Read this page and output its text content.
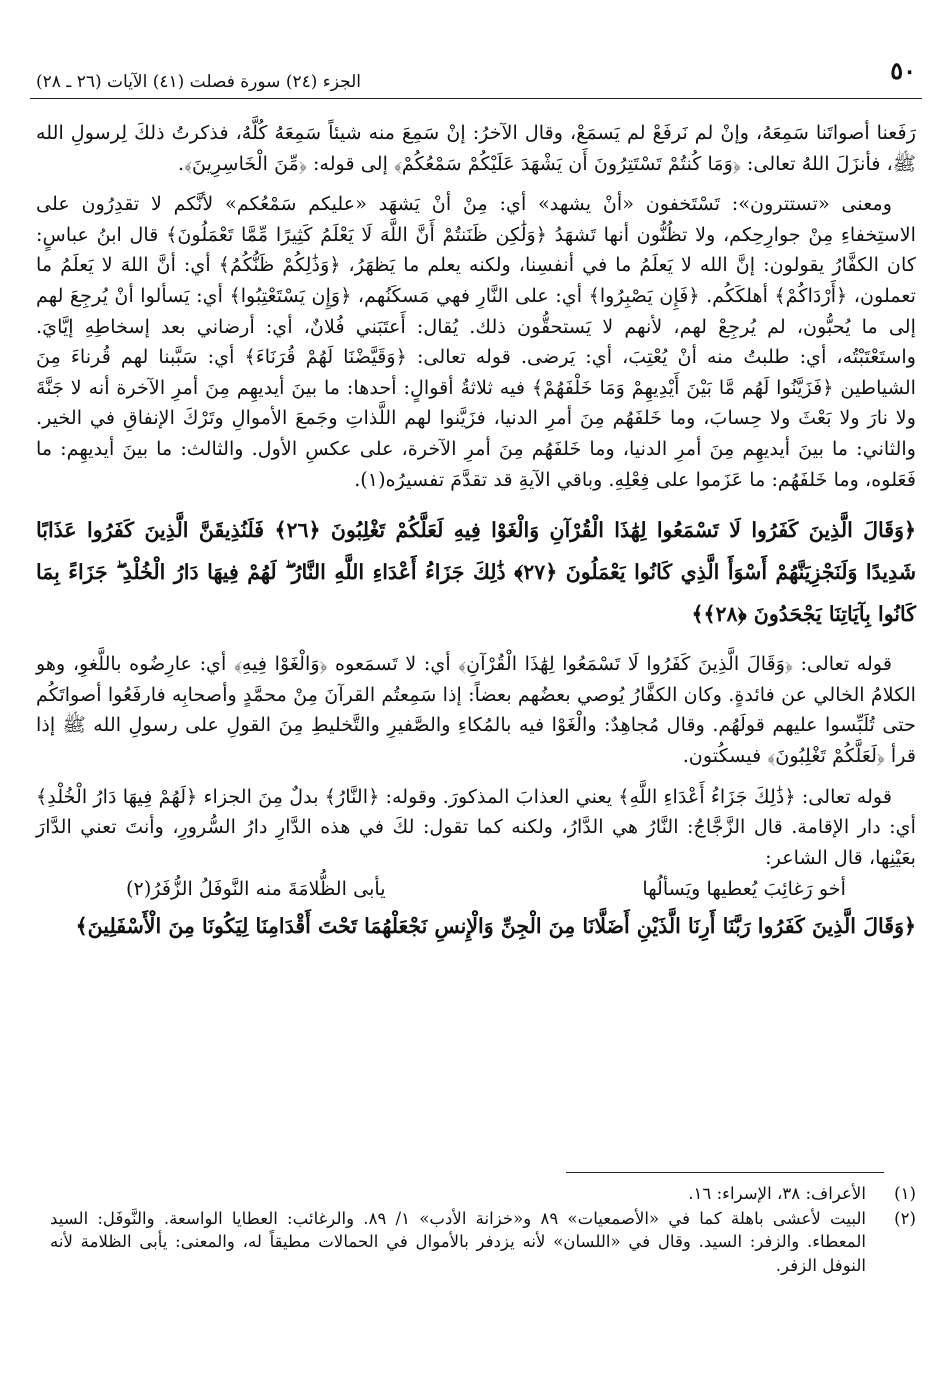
٥٠
الجزء (٢٤) سورة فصلت (٤١) الآيات (٢٦ ـ ٢٨)

رَفَعنا أصواتَنا سَمِعَهُ، وإنْ لم نَرفَعْ لم يَسمَعْ، وقال الآخرُ: إنْ سَمِعَ منه شيئاً سَمِعَهُ كُلَّهُ، فذكرتُ ذلكَ لِرسولِ الله ﷺ، فأنزَلَ اللهُ تعالى: ﴿وَمَا كُنتُمْ تَسْتَتِرُونَ أَن يَشْهَدَ عَلَيْكُمْ سَمْعُكُمْ﴾ إلى قوله: ﴿مِّنَ الْخَاسِرِينَ﴾.

ومعنى «تستترون»: تَسْتَخفون «أنْ يشهد» أي: مِنْ أنْ يَشهَد «عليكم سَمْعُكم» لأنَّكم لا تقدِرُون على الاستِخفاءِ مِنْ جوارِحِكم، ولا تظُنُّون أنها تَشهَدُ ﴿وَلَٰكِن ظَنَنتُمْ أَنَّ اللَّهَ لَا يَعْلَمُ كَثِيرًا مِّمَّا تَعْمَلُونَ﴾ قال ابنُ عباسٍ: كان الكفَّارُ يقولون: إنَّ الله لا يَعلَمُ ما في أنفسِنا، ولكنه يعلم ما يَظهَرُ، ﴿وَذَٰلِكُمْ ظَنُّكُمُ﴾ أي: أنَّ اللهَ لا يَعلَمُ ما تعملون، ﴿أَرْدَاكُمْ﴾ أهلكَكُم. ﴿فَإِن يَصْبِرُوا﴾ أي: على النَّارِ فهي مَسكَنُهم، ﴿وَإِن يَسْتَعْتِبُوا﴾ أي: يَسألوا أنْ يُرجِعَ لهم إلى ما يُحبُّون، لم يُرجِعْ لهم، لأنهم لا يَستحقُّون ذلك. يُقال: أَعتَبَني فُلانٌ، أي: أرضاني بعد إسخاطِهِ إيَّايَ. واستَعْتَبْتُه، أي: طلبتُ منه أنْ يُعْتِبَ، أي: يَرضى. قوله تعالى: ﴿وَقَيَّضْنَا لَهُمْ قُرَنَاءَ﴾ أي: سَبَّبنا لهم قُرناءَ مِنَ الشياطين ﴿فَزَيَّنُوا لَهُم مَّا بَيْنَ أَيْدِيهِمْ وَمَا خَلْفَهُمْ﴾ فيه ثلاثةُ أقوالٍ: أحدها: ما بينَ أيديهِم مِنَ أمرِ الآخرة أنه لا جَنَّةَ ولا نارَ ولا بَعْثَ ولا حِسابَ، وما خَلفَهُم مِنَ أمرِ الدنيا، فزَيَّنوا لهم اللَّذاتِ وجَمعَ الأموالِ وتَرْكَ الإنفاقِ في الخير. والثاني: ما بينَ أيديهِم مِنَ أمرِ الدنيا، وما خَلفَهُم مِنَ أمرِ الآخرة، على عكسِ الأول. والثالث: ما بينَ أيديهِم: ما فَعَلوه، وما خَلفَهُم: ما عَزَموا على فِعْلِهِ. وباقي الآيةِ قد تقدَّمَ تفسيرُه(١).

﴿وَقَالَ الَّذِينَ كَفَرُوا لَا تَسْمَعُوا لِهَٰذَا الْقُرْآنِ وَالْغَوْا فِيهِ لَعَلَّكُمْ تَغْلِبُونَ ﴿٢٦﴾ فَلَنُذِيقَنَّ الَّذِينَ كَفَرُوا عَذَابًا شَدِيدًا وَلَنَجْزِيَنَّهُمْ أَسْوَأَ الَّذِي كَانُوا يَعْمَلُونَ ﴿٢٧﴾ ذَٰلِكَ جَزَاءُ أَعْدَاءِ اللَّهِ النَّارُ ۖ لَهُمْ فِيهَا دَارُ الْخُلْدِ ۖ جَزَاءً بِمَا كَانُوا بِآيَاتِنَا يَجْحَدُونَ ﴿٢٨﴾﴾

قوله تعالى: ﴿وَقَالَ الَّذِينَ كَفَرُوا لَا تَسْمَعُوا لِهَٰذَا الْقُرْآنِ﴾ أي: لا تَسمَعوه ﴿وَالْغَوْا فِيهِ﴾ أي: عارِضُوه باللَّغوِ، وهو الكلامُ الخالي عن فائدةٍ. وكان الكفَّارُ يُوصي بعضُهم بعضاً: إذا سَمِعتُم القرآنَ مِنْ محمَّدٍ وأصحابِه فارفَعُوا أصواتَكُم حتى تُلَبِّسوا عليهم قولَهُم. وقال مُجاهِدٌ: والْغَوْا فيه بالمُكاءِ والصَّفيرِ والتَّخليطِ مِنَ القولِ على رسولِ الله ﷺ إذا قرأ ﴿لَعَلَّكُمْ تَغْلِبُونَ﴾ فيسكُتون.

قوله تعالى: ﴿ذَٰلِكَ جَزَاءُ أَعْدَاءِ اللَّهِ﴾ يعني العذابَ المذكورَ. وقوله: ﴿النَّارُ﴾ بدلٌ مِنَ الجزاء ﴿لَهُمْ فِيهَا دَارُ الْخُلْدِ﴾ أي: دار الإقامة. قال الزَّجَّاجُ: النَّارُ هي الدَّارُ، ولكنه كما تقول: لكَ في هذه الدَّارِ دارُ السُّرورِ، وأنتَ تعني الدَّارَ بعَيْنِها، قال الشاعر:

أخو رَغائِبَ يُعطيها ويَسألُها
يأبى الظُّلامَةَ منه النَّوفَلُ الزُّفَرُ(٢)

﴿وَقَالَ الَّذِينَ كَفَرُوا رَبَّنَا أَرِنَا الَّذَيْنِ أَضَلَّانَا مِنَ الْجِنِّ وَالْإِنسِ نَجْعَلْهُمَا تَحْتَ أَقْدَامِنَا لِيَكُونَا مِنَ الْأَسْفَلِينَ﴾

(١)
الأعراف: ٣٨، الإسراء: ١٦.
(٢)
البيت لأعشى باهلة كما في «الأصمعيات» ٨٩ و«خزانة الأدب» ١/ ٨٩. والرغائب: العطايا الواسعة. والنَّوفَل: السيد المعطاء. والزفر: السيد. وقال في «اللسان» لأنه يزدفر بالأموال في الحمالات مطيقاً له، والمعنى: يأبى الظلامة لأنه النوفل الزفر.
